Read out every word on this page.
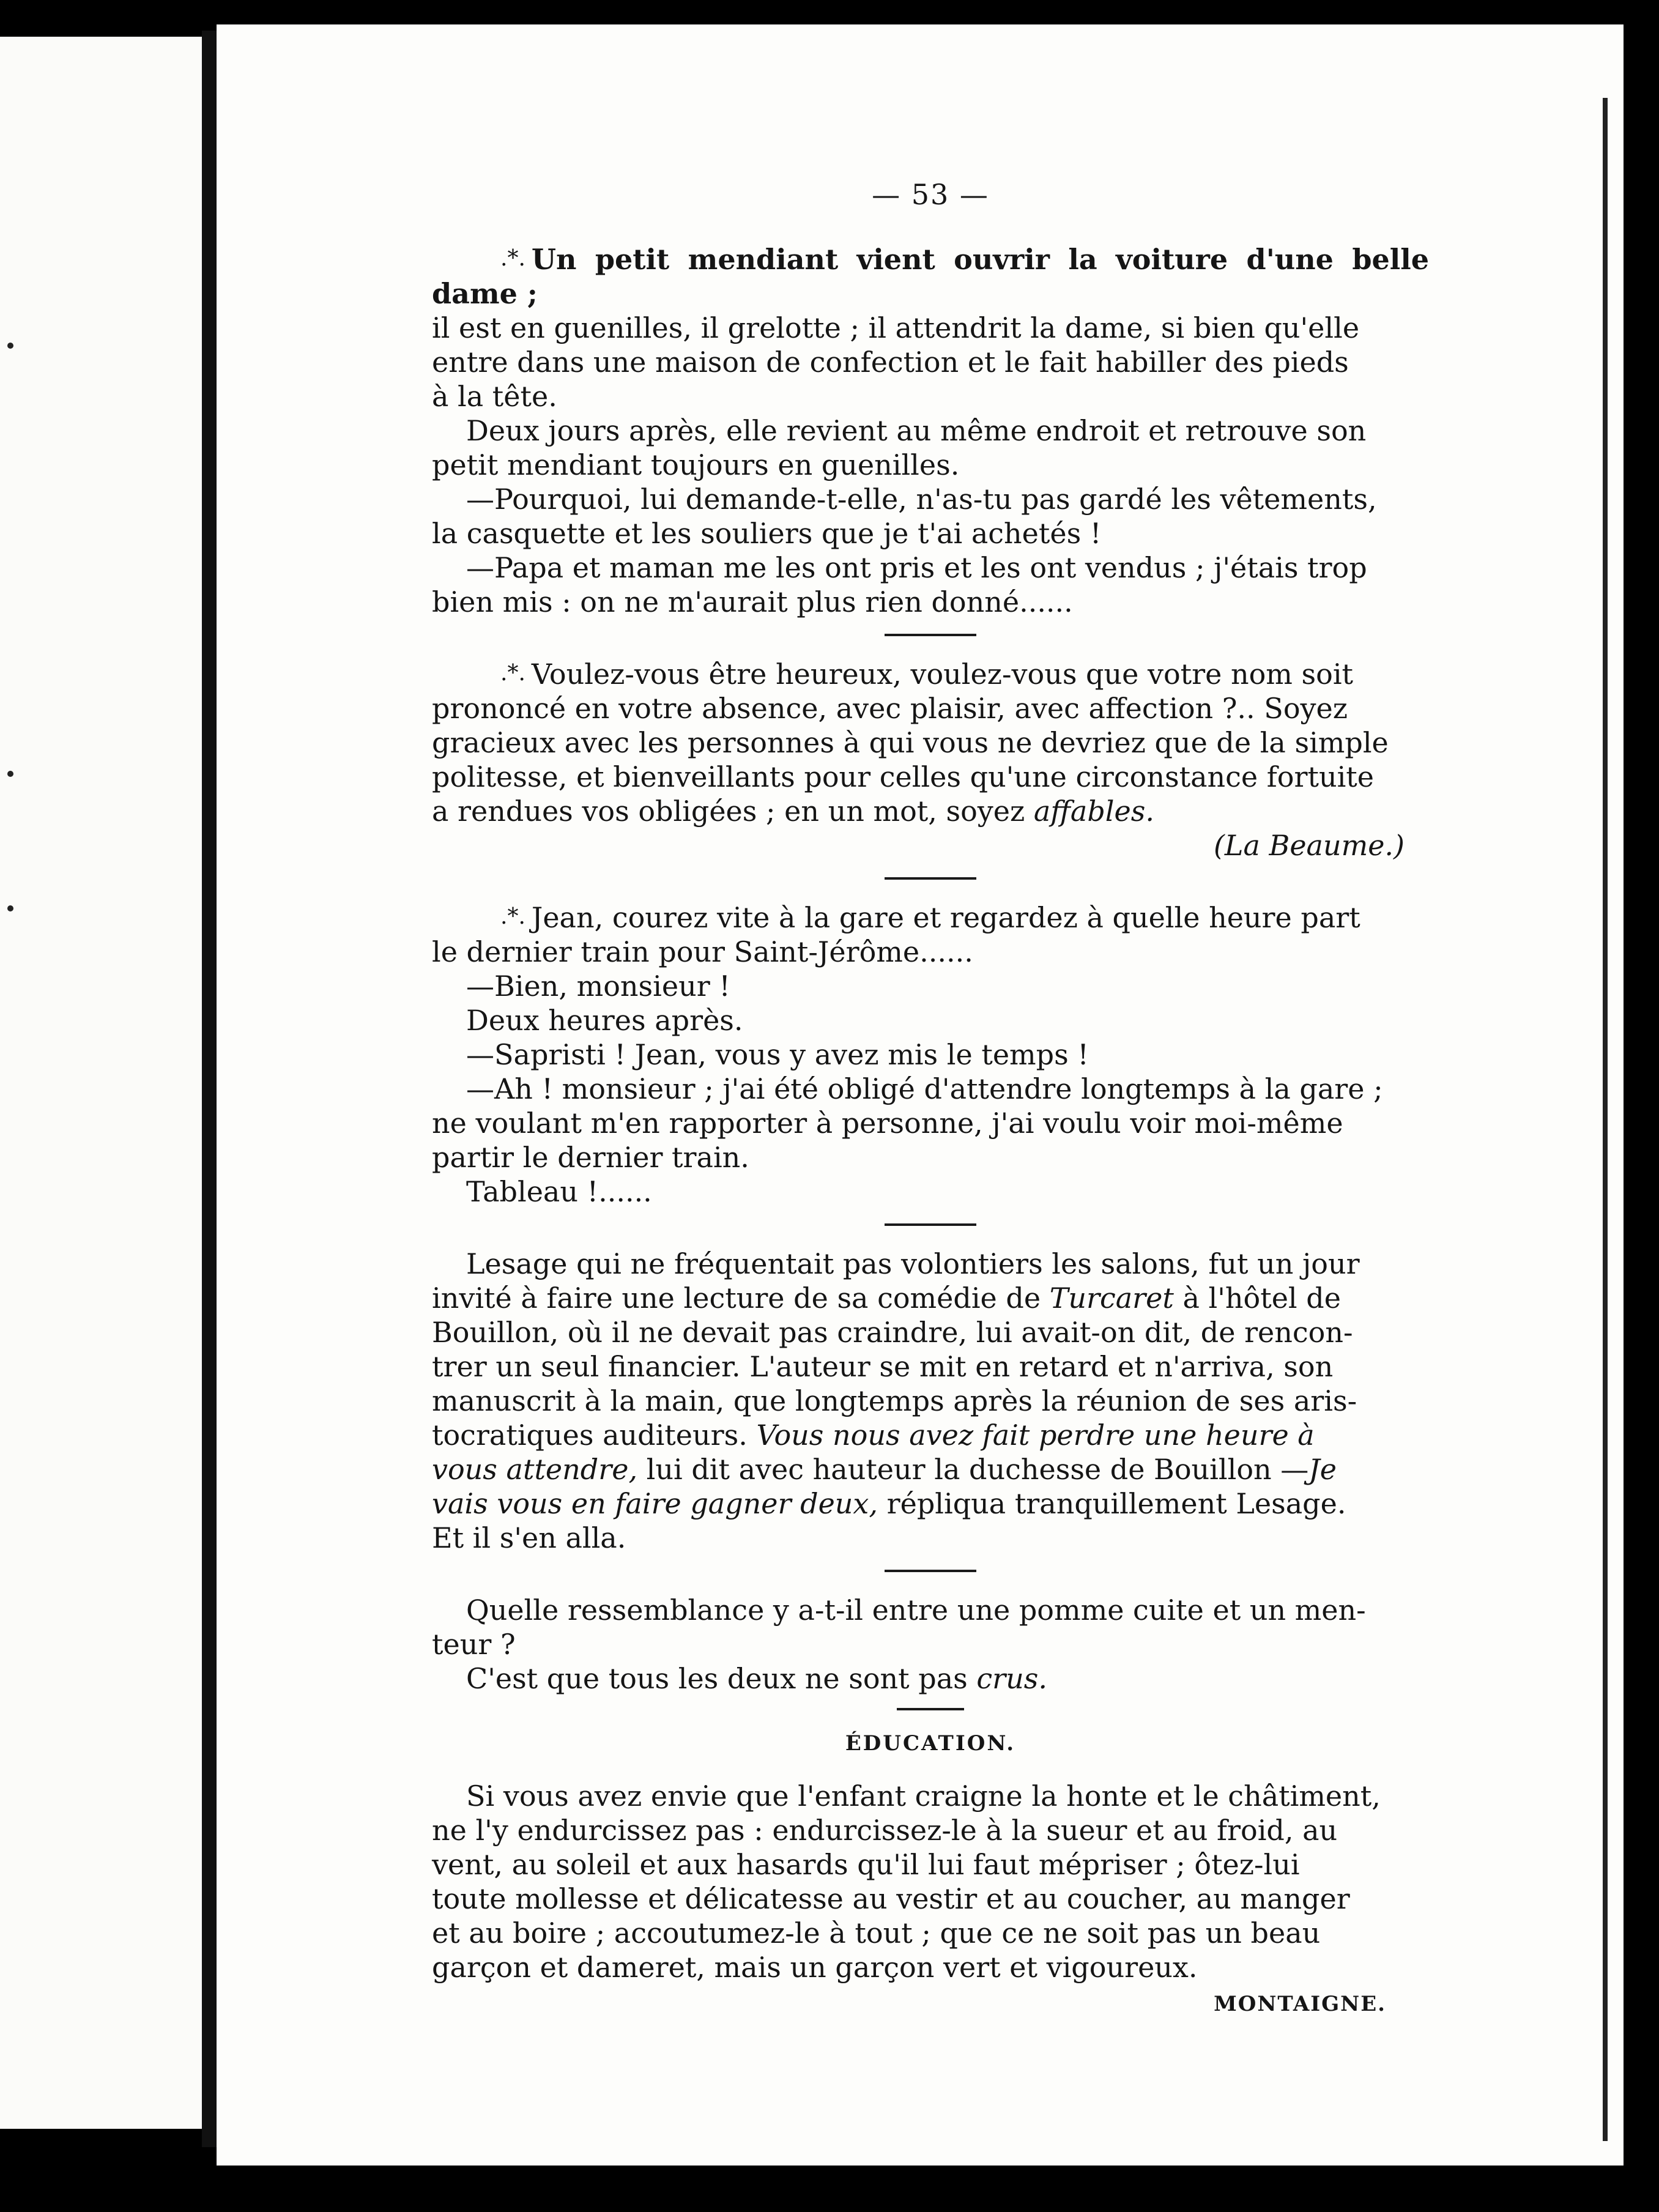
— 53 —

.*. Un petit mendiant vient ouvrir la voiture d'une belle dame ;

il est en guenilles, il grelotte ; il attendrit la dame, si bien qu'elle
entre dans une maison de confection et le fait habiller des pieds
à la tête.

Deux jours après, elle revient au même endroit et retrouve son

petit mendiant toujours en guenilles.

—Pourquoi, lui demande-t-elle, n'as-tu pas gardé les vêtements,

la casquette et les souliers que je t'ai achetés !

—Papa et maman me les ont pris et les ont vendus ; j'étais trop

bien mis : on ne m'aurait plus rien donné......

.*. Voulez-vous être heureux, voulez-vous que votre nom soit

prononcé en votre absence, avec plaisir, avec affection ?.. Soyez
gracieux avec les personnes à qui vous ne devriez que de la simple
politesse, et bienveillants pour celles qu'une circonstance fortuite
a rendues vos obligées ; en un mot, soyez affables.

(La Beaume.)

.*. Jean, courez vite à la gare et regardez à quelle heure part

le dernier train pour Saint-Jérôme......

—Bien, monsieur !
Deux heures après.
—Sapristi ! Jean, vous y avez mis le temps !
—Ah ! monsieur ; j'ai été obligé d'attendre longtemps à la gare ;

ne voulant m'en rapporter à personne, j'ai voulu voir moi-même
partir le dernier train.

Tableau !......

Lesage qui ne fréquentait pas volontiers les salons, fut un jour

invité à faire une lecture de sa comédie de Turcaret à l'hôtel de
Bouillon, où il ne devait pas craindre, lui avait-on dit, de rencon-
trer un seul financier. L'auteur se mit en retard et n'arriva, son
manuscrit à la main, que longtemps après la réunion de ses aris-
tocratiques auditeurs. Vous nous avez fait perdre une heure à
vous attendre, lui dit avec hauteur la duchesse de Bouillon —Je
vais vous en faire gagner deux, répliqua tranquillement Lesage.
Et il s'en alla.

Quelle ressemblance y a-t-il entre une pomme cuite et un men-

teur ?

C'est que tous les deux ne sont pas crus.

ÉDUCATION.

Si vous avez envie que l'enfant craigne la honte et le châtiment,

ne l'y endurcissez pas : endurcissez-le à la sueur et au froid, au
vent, au soleil et aux hasards qu'il lui faut mépriser ; ôtez-lui
toute mollesse et délicatesse au vestir et au coucher, au manger
et au boire ; accoutumez-le à tout ; que ce ne soit pas un beau
garçon et dameret, mais un garçon vert et vigoureux.

MONTAIGNE.
